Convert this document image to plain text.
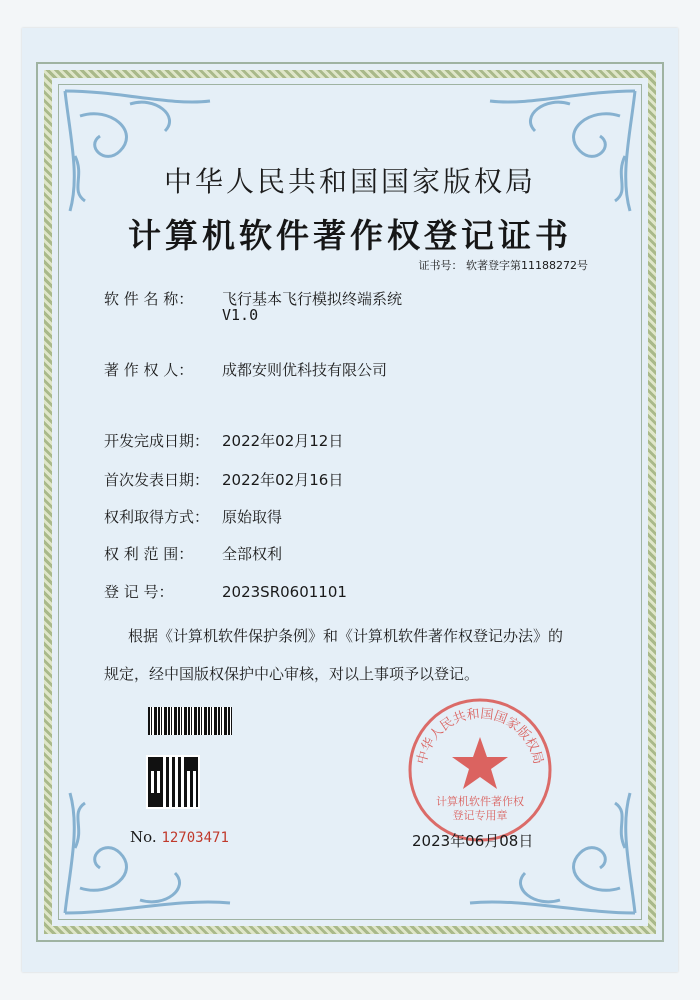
中华人民共和国国家版权局
计算机软件著作权登记证书
证书号： 软著登字第11188272号
软 件 名 称： 飞行基本飞行模拟终端系统
V1.0
著 作 权 人： 成都安则优科技有限公司
开发完成日期： 2022年02月12日
首次发表日期： 2022年02月16日
权利取得方式： 原始取得
权 利 范 围： 全部权利
登 记 号：	2023SR0601101
根据《计算机软件保护条例》和《计算机软件著作权登记办法》的
规定，经中国版权保护中心审核，对以上事项予以登记。
No. 12703471
中华人民共和国国家版权局
计算机软件著作权
登记专用章
2023年06月08日
